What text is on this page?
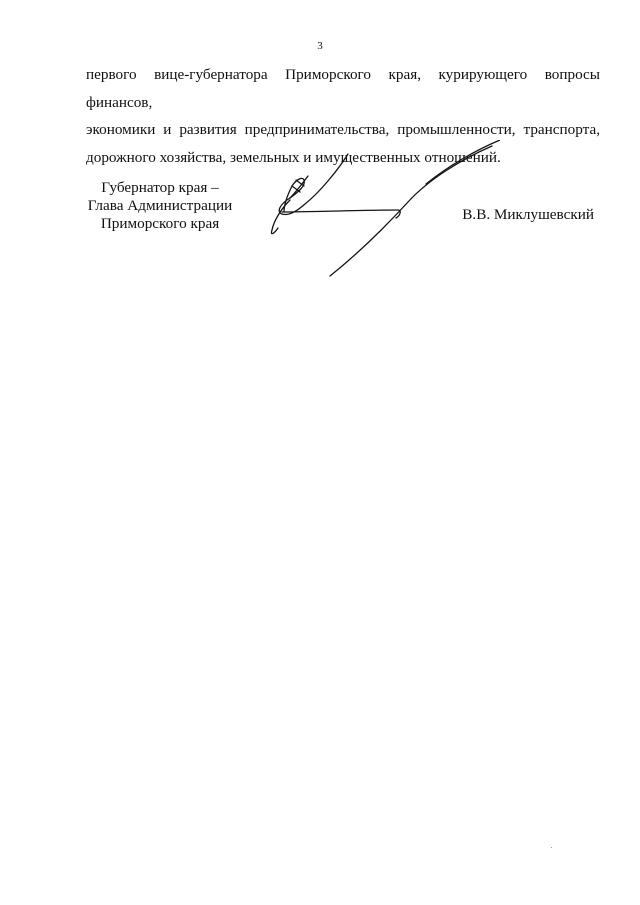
3
первого вице-губернатора Приморского края, курирующего вопросы финансов,
экономики и развития предпринимательства, промышленности, транспорта,
дорожного хозяйства, земельных и имущественных отношений.
Губернатор края –
Глава Администрации
Приморского края
В.В. Миклушевский
